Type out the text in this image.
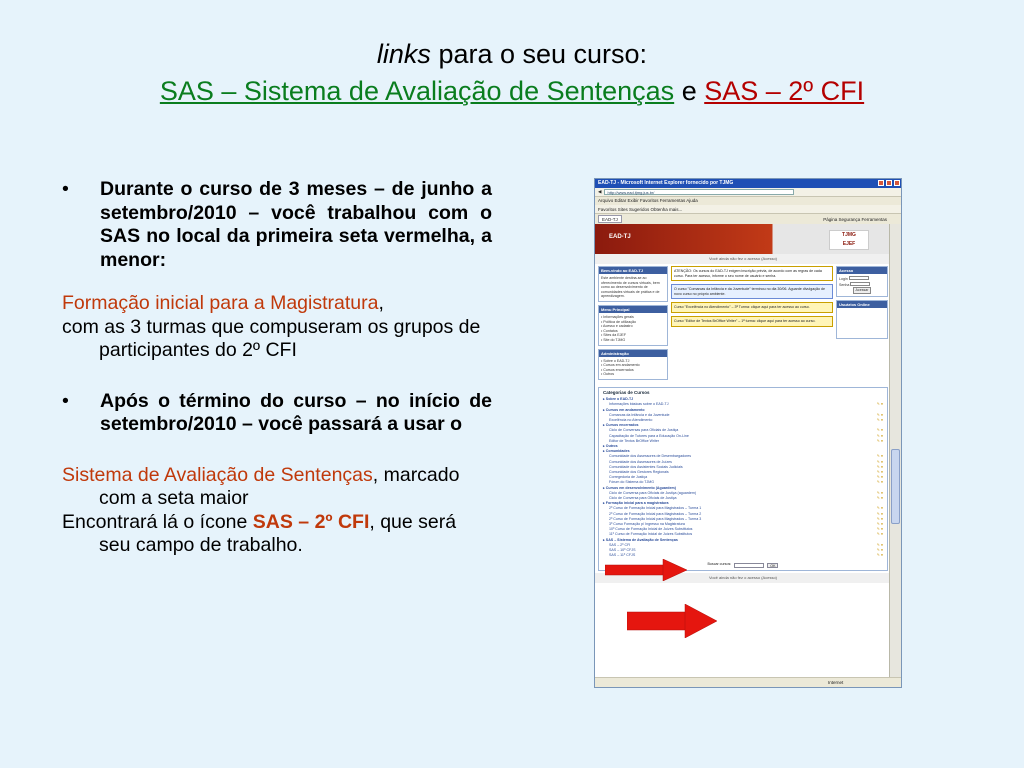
links para o seu curso:
SAS – Sistema de Avaliação de Sentenças e SAS – 2º CFI
•	Durante o curso de 3 meses – de junho a setembro/2010 – você trabalhou com o SAS no local da primeira seta vermelha, a menor:
Formação inicial para a Magistratura,
com as 3 turmas que compuseram os grupos de participantes do 2º CFI
•	Após o término do curso – no início de setembro/2010 – você passará a usar o
Sistema de Avaliação de Sentenças, marcado com a seta maior
Encontrará lá o ícone SAS – 2º CFI, que será seu campo de trabalho.
EAD-TJ - Microsoft Internet Explorer fornecido por TJMG
◀	http://www.ead.tjmg.jus.br/
Arquivo Editar Exibir Favoritos Ferramentas Ajuda
Favoritos Sites Sugeridos Obtenha mais...
EAD-TJ	Página Segurança Ferramentas
EAD-TJ	TJMG
EJEF
Você ainda não fez o acesso (Acesso)
Bem-vindo ao EAD-TJ
Este ambiente destina-se ao oferecimento de cursos virtuais, bem como ao desenvolvimento de comunidades virtuais de prática e de aprendizagem.
Menu Principal
• Informações gerais
• Política de utilização
• Acesso e cadastro
• Contatos
• Sites da EJEF
• Site do TJMG
Administração
• Sobre o EAD-TJ
• Cursos em andamento
• Cursos encerrados
• Outros
ATENÇÃO: Os cursos do EAD-TJ exigem inscrição prévia, de acordo com as regras de cada curso. Para ter acesso, informe o seu nome de usuário e senha.
O curso "Comarcas da Infância e da Juventude" terminou no dia 30/06. Aguarde divulgação de novo curso no próprio ambiente.
Curso "Excelência no Atendimento" – 3ª Turma: clique aqui para ter acesso ao curso.
Curso "Editor de Textos BrOffice Writer" – 1ª turma: clique aqui para ter acesso ao curso.
Acesso
Login
Senha
Acessar
Usuários Online
Categorias de Cursos
▸ Sobre o EAD-TJ
Informações básicas sobre o EAD-TJ	✎ ●
▸ Cursos em andamento
Comarcas da Infância e da Juventude	✎ ●
Excelência no Atendimento	✎ ●
▸ Cursos encerrados
Ciclo de Conversas para Oficiais de Justiça	✎ ●
Capacitação de Tutores para a Educação On-Line	✎ ●
Editor de Textos BrOffice Writer	✎ ●
▸ Outros
▸ Comunidades
Comunidade dos Assessores de Desembargadores	✎ ●
Comunidade dos Assessores de Juízes	✎ ●
Comunidade dos Assistentes Sociais Judiciais	✎ ●
Comunidade dos Gestores Regionais	✎ ●
Corregedoria de Justiça	✎ ●
Fórum do Sistema do TJMG	✎ ●
▸ Cursos em desenvolvimento (Aguardem)
Ciclo de Conversa para Oficiais de Justiça (aguardem)	✎ ●
Ciclo de Conversa para Oficiais de Justiça	✎ ●
▸ Formação inicial para a magistratura
2º Curso de Formação Inicial para Magistrados – Turma 1	✎ ●
2º Curso de Formação Inicial para Magistrados – Turma 2	✎ ●
2º Curso de Formação Inicial para Magistrados – Turma 3	✎ ●
3º Curso Formação p/ Ingresso na Magistratura	✎ ●
10º Curso de Formação Inicial de Juízes Substitutos	✎ ●
11º Curso de Formação Inicial de Juízes Substitutos	✎ ●
▸ SAS – Sistema de Avaliação de Sentenças
SAS – 2º CFI	✎ ●
SAS – 10º CFJS	✎ ●
SAS – 11º CFJS	✎ ●
Buscar cursos:	OK
Você ainda não fez o acesso (Acesso)
Internet
